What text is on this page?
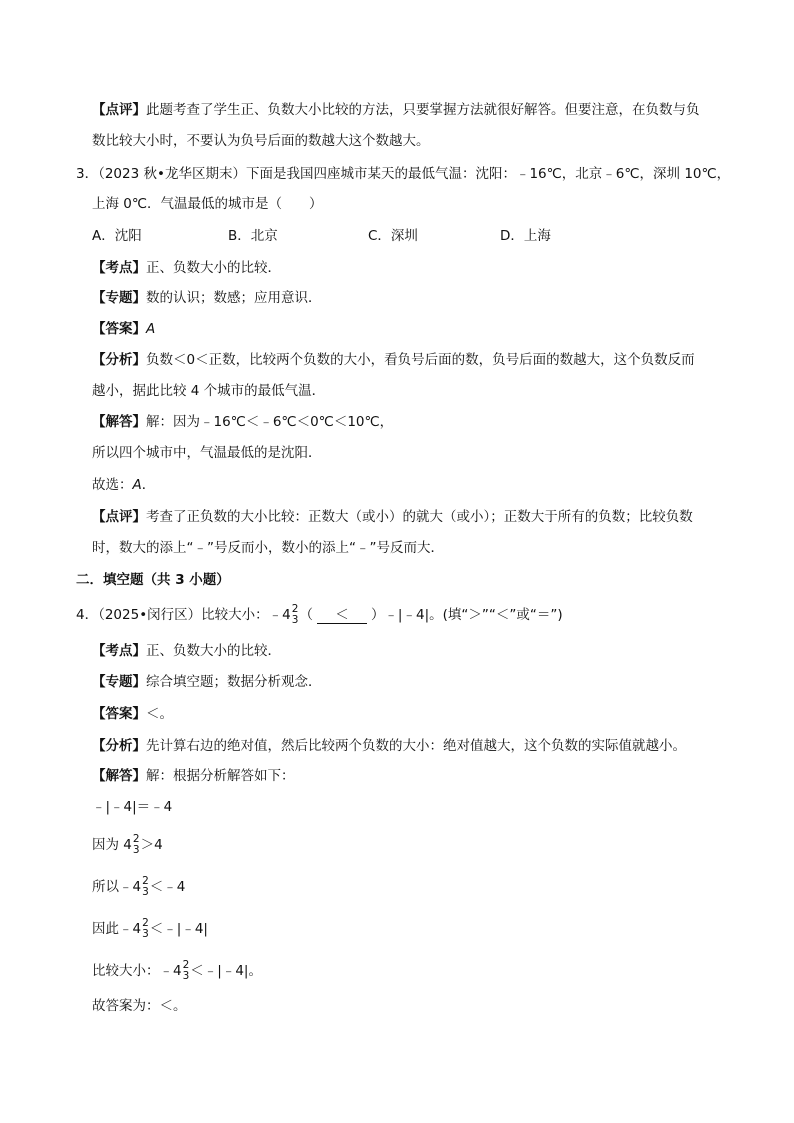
【点评】此题考查了学生正、负数大小比较的方法，只要掌握方法就很好解答。但要注意，在负数与负
数比较大小时，不要认为负号后面的数越大这个数越大。
3．（2023 秋•龙华区期末）下面是我国四座城市某天的最低气温：沈阳：﹣16℃，北京﹣6℃，深圳 10℃，
上海 0℃．气温最低的城市是（　　）
A．沈阳	B．北京	C．深圳	D．上海
【考点】正、负数大小的比较．
【专题】数的认识；数感；应用意识．
【答案】A
【分析】负数＜0＜正数，比较两个负数的大小，看负号后面的数，负号后面的数越大，这个负数反而
越小，据此比较 4 个城市的最低气温．
【解答】解：因为﹣16℃＜﹣6℃＜0℃＜10℃，
所以四个城市中，气温最低的是沈阳．
故选：A．
【点评】考查了正负数的大小比较：正数大（或小）的就大（或小）；正数大于所有的负数；比较负数
时，数大的添上“﹣”号反而小，数小的添上“﹣”号反而大．
二．填空题（共 3 小题）
4．（2025•闵行区）比较大小：﹣4 2
3 （ ＜ ）﹣|﹣4|。(填“＞”“＜”或“＝”)
【考点】正、负数大小的比较．
【专题】综合填空题；数据分析观念．
【答案】＜。
【分析】先计算右边的绝对值，然后比较两个负数的大小：绝对值越大，这个负数的实际值就越小。
【解答】解：根据分析解答如下：
﹣|﹣4|＝﹣4
因为 4 2
3 ＞4
所以﹣4 2
3 ＜﹣4
因此﹣4 2
3 ＜﹣|﹣4|
比较大小：﹣4 2
3 ＜﹣|﹣4|。
故答案为：＜。
